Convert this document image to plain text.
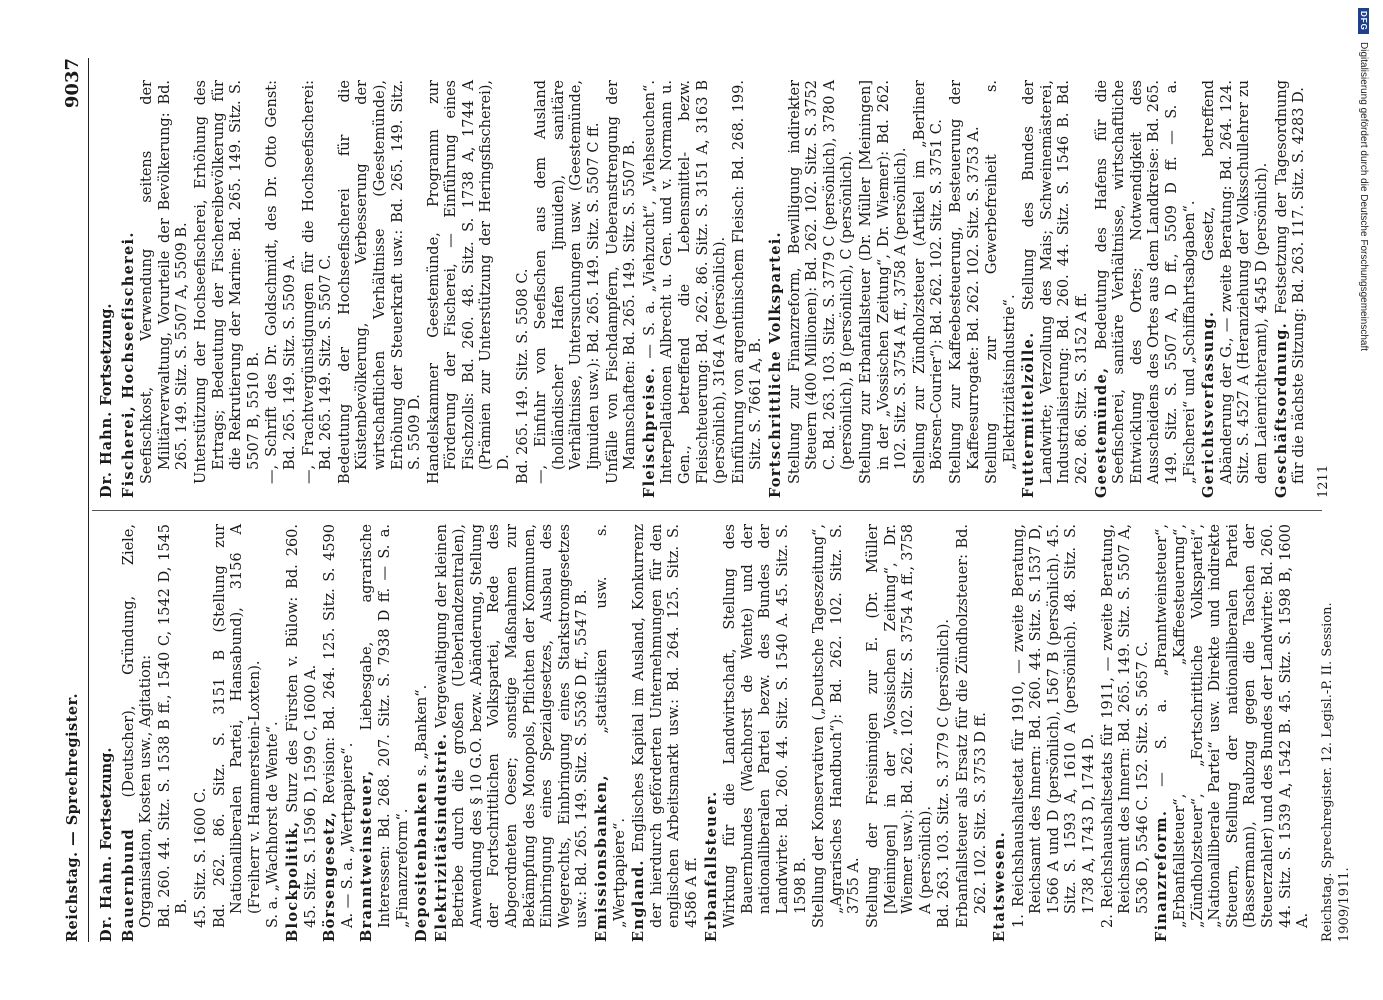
DFG
Digitalisierung gefördert durch die Deutsche Forschungsgemeinschaft
Reichstag. — Sprechregister.
9037
Dr. Hahn. Fortsetzung.
Bauernbund (Deutscher), Gründung, Ziele, Organisation, Kosten usw., Agitation: Bd. 260. 44. Sitz. S. 1538 B ff., 1540 C, 1542 D, 1545 B. 45. Sitz. S. 1600 C. Bd. 262. 86. Sitz. S. 3151 B (Stellung zur Nationalliberalen Partei, Hansabund), 3156 A (Freiherr v. Hammerstein-Loxten). S. a. „Wachhorst de Wente“. Blockpolitik, Sturz des Fürsten v. Bülow: Bd. 260. 45. Sitz. S. 1596 D, 1599 C, 1600 A. Börsengesetz, Revision: Bd. 264. 125. Sitz. S. 4590 A. — S. a. „Wertpapiere“. Branntweinsteuer, Liebesgabe, agrarische Interessen: Bd. 268. 207. Sitz. S. 7938 D ff. — S. a. „Finanzreform“. Depositenbanken s. „Banken“. Elektrizitätsindustrie. Vergewaltigung der kleinen Betriebe durch die großen (Ueberlandzentralen), Anwendung des § 10 G.O. bezw. Abänderung, Stellung der Fortschrittlichen Volkspartei, Rede des Abgeordneten Oeser; sonstige Maßnahmen zur Bekämpfung des Monopols, Pflichten der Kommunen, Einbringung eines Spezialgesetzes, Ausbau des Wegerechts, Einbringung eines Starkstromgesetzes usw.: Bd. 265. 149. Sitz. S. 5536 D ff., 5547 B. Emissionsbanken, „statistiken usw. s. „Wertpapiere“. England. Englisches Kapital im Ausland, Konkurrenz der hierdurch geförderten Unternehmungen für den englischen Arbeitsmarkt usw.: Bd. 264. 125. Sitz. S. 4586 A ff. Erbanfallsteuer. Wirkung für die Landwirtschaft, Stellung des Bauernbundes (Wachhorst de Wente) und der nationalliberalen Partei bezw. des Bundes der Landwirte: Bd. 260. 44. Sitz. S. 1540 A. 45. Sitz. S. 1598 B. Stellung der Konservativen („Deutsche Tageszeitung“, „Agrarisches Handbuch“): Bd. 262. 102. Sitz. S. 3755 A. Stellung der Freisinnigen zur E. (Dr. Müller [Meiningen] in der „Vossischen Zeitung“, Dr. Wiemer usw.): Bd. 262. 102. Sitz. S. 3754 A ff., 3758 A (persönlich). Bd. 263. 103. Sitz. S. 3779 C (persönlich). Erbanfallsteuer als Ersatz für die Zündholzsteuer: Bd. 262. 102. Sitz. S. 3753 D ff. Etatswesen. 1. Reichshaushaltsetat für 1910, — zweite Beratung, Reichsamt des Innern: Bd. 260. 44. Sitz. S. 1537 D, 1566 A und D (persönlich), 1567 B (persönlich). 45. Sitz. S. 1593 A, 1610 A (persönlich). 48. Sitz. S. 1738 A, 1743 D, 1744 D. 2. Reichshaushaltsetats für 1911, — zweite Beratung, Reichsamt des Innern: Bd. 265. 149. Sitz. S. 5507 A, 5536 D, 5546 C. 152. Sitz. S. 5657 C. Finanzreform. — S. a. „Branntweinsteuer“, „Erbanfallsteuer“, „Kaffeesteuerung“, „Zündholzsteuer“, „Fortschrittliche Volkspartei“, „Nationalliberale Partei“ usw. Direkte und indirekte Steuern, Stellung der nationalliberalen Partei (Bassermann), Raubzug gegen die Taschen der Steuerzahler) und des Bundes der Landwirte: Bd. 260. 44. Sitz. S. 1539 A, 1542 B. 45. Sitz. S. 1598 B, 1600 A. Reichstag. Sprechregister. 12. Legisl.-P. II. Session. 1909/1911.
Dr. Hahn. Fortsetzung. Fischerei, Hochseefischerei. Seefischkost, Verwendung seitens der Militärverwaltung, Vorurteile der Bevölkerung: Bd. 265. 149. Sitz. S. 5507 A, 5509 B. Unterstützung der Hochseefischerei, Erhöhung des Ertrags; Bedeutung der Fischereibevölkerung für die Rekrutierung der Marine: Bd. 265. 149. Sitz. S. 5507 B, 5510 B. —, Schrift des Dr. Goldschmidt, des Dr. Otto Genst: Bd. 265. 149. Sitz. S. 5509 A. —, Frachtvergünstigungen für die Hochseefischerei: Bd. 265. 149. Sitz. S. 5507 C. Bedeutung der Hochseefischerei für die Küstenbevölkerung, Verbesserung der wirtschaftlichen Verhältnisse (Geestemünde), Erhöhung der Steuerkraft usw.: Bd. 265. 149. Sitz. S. 5509 D. Handelskammer Geestemünde, Programm zur Förderung der Fischerei, — Einführung eines Fischzolls: Bd. 260. 48. Sitz. S. 1738 A, 1744 A (Prämien zur Unterstützung der Heringsfischerei), D. Bd. 265. 149. Sitz. S. 5508 C. —, Einfuhr von Seefischen aus dem Ausland (holländischer Hafen Ijmuiden), sanitäre Verhältnisse, Untersuchungen usw. (Geestemünde, Ijmuiden usw.): Bd. 265. 149. Sitz. S. 5507 C ff. Unfälle von Fischdampfern, Ueberanstrengung der Mannschaften: Bd. 265. 149. Sitz. S. 5507 B. Fleischpreise. — S. a. „Viehzucht“, „Viehseuchen“. Interpellationen Albrecht u. Gen. und v. Normann u. Gen., betreffend die Lebensmittel- bezw. Fleischteuerung: Bd. 262. 86. Sitz. S. 3151 A, 3163 B (persönlich), 3164 A (persönlich). Einführung von argentinischem Fleisch: Bd. 268. 199. Sitz. S. 7661 A, B. Fortschrittliche Volkspartei. Stellung zur Finanzreform, Bewilligung indirekter Steuern (400 Millionen): Bd. 262. 102. Sitz. S. 3752 C. Bd. 263. 103. Sitz. S. 3779 C (persönlich), 3780 A (persönlich), B (persönlich), C (persönlich). Stellung zur Erbanfallsteuer (Dr. Müller [Meiningen] in der „Vossischen Zeitung“, Dr. Wiemer): Bd. 262. 102. Sitz. S. 3754 A ff., 3758 A (persönlich). Stellung zur Zündholzsteuer (Artikel im „Berliner Börsen-Courier“): Bd. 262. 102. Sitz. S. 3751 C. Stellung zur Kaffeebesteuerung, Besteuerung der Kaffeesurrogate: Bd. 262. 102. Sitz. S. 3753 A. Stellung zur Gewerbefreiheit s. „Elektrizitätsindustrie“. Futtermittelzölle. Stellung des Bundes der Landwirte; Verzollung des Mais; Schweinemästerei, Industrialisierung: Bd. 260. 44. Sitz. S. 1546 B. Bd. 262. 86. Sitz. S. 3152 A ff. Geestemünde, Bedeutung des Hafens für die Seefischerei, sanitäre Verhältnisse, wirtschaftliche Entwicklung des Ortes; Notwendigkeit des Ausscheidens des Ortes aus dem Landkreise: Bd. 265. 149. Sitz. S. 5507 A, D ff., 5509 D ff. — S. a. „Fischerei“ und „Schiffahrtsabgaben“. Gerichtsverfassung. Gesetz, betreffend Abänderung der G., — zweite Beratung: Bd. 264. 124. Sitz. S. 4527 A (Heranziehung der Volksschullehrer zu dem Laienrichteramt), 4545 D (persönlich). Geschäftsordnung. Festsetzung der Tagesordnung für die nächste Sitzung: Bd. 263. 117. Sitz. S. 4283 D. 1211
